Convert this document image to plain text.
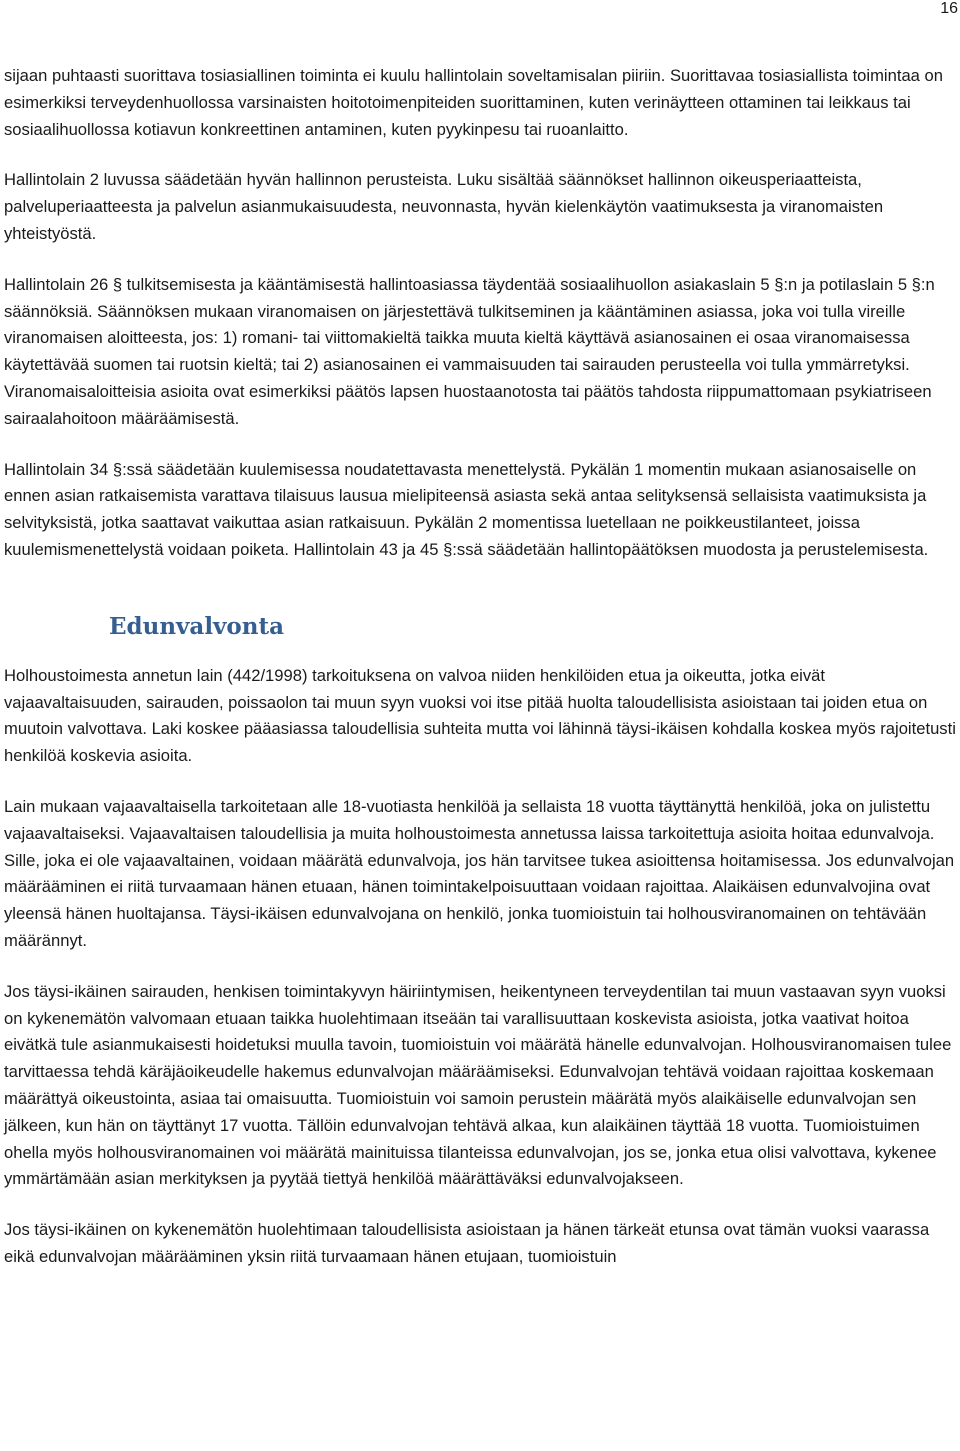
16

sijaan puhtaasti suorittava tosiasiallinen toiminta ei kuulu hallintolain soveltamisalan piiriin. Suorittavaa tosiasiallista toimintaa on esimerkiksi terveydenhuollossa varsinaisten hoitotoimenpiteiden suorittaminen, kuten verinäytteen ottaminen tai leikkaus tai sosiaalihuollossa kotiavun konkreettinen antaminen, kuten pyykinpesu tai ruoanlaitto.

Hallintolain 2 luvussa säädetään hyvän hallinnon perusteista. Luku sisältää säännökset hallinnon oikeusperiaatteista, palveluperiaatteesta ja palvelun asianmukaisuudesta, neuvonnasta, hyvän kielenkäytön vaatimuksesta ja viranomaisten yhteistyöstä.

Hallintolain 26 § tulkitsemisesta ja kääntämisestä hallintoasiassa täydentää sosiaalihuollon asiakaslain 5 §:n ja potilaslain 5 §:n säännöksiä. Säännöksen mukaan viranomaisen on järjestettävä tulkitseminen ja kääntäminen asiassa, joka voi tulla vireille viranomaisen aloitteesta, jos: 1) romani- tai viittomakieltä taikka muuta kieltä käyttävä asianosainen ei osaa viranomaisessa käytettävää suomen tai ruotsin kieltä; tai 2) asianosainen ei vammaisuuden tai sairauden perusteella voi tulla ymmärretyksi. Viranomaisaloitteisia asioita ovat esimerkiksi päätös lapsen huostaanotosta tai päätös tahdosta riippumattomaan psykiatriseen sairaalahoitoon määräämisestä.

Hallintolain 34 §:ssä säädetään kuulemisessa noudatettavasta menettelystä. Pykälän 1 momentin mukaan asianosaiselle on ennen asian ratkaisemista varattava tilaisuus lausua mielipiteensä asiasta sekä antaa selityksensä sellaisista vaatimuksista ja selvityksistä, jotka saattavat vaikuttaa asian ratkaisuun. Pykälän 2 momentissa luetellaan ne poikkeustilanteet, joissa kuulemismenettelystä voidaan poiketa. Hallintolain 43 ja 45 §:ssä säädetään hallintopäätöksen muodosta ja perustelemisesta.

Edunvalvonta

Holhoustoimesta annetun lain (442/1998) tarkoituksena on valvoa niiden henkilöiden etua ja oikeutta, jotka eivät vajaavaltaisuuden, sairauden, poissaolon tai muun syyn vuoksi voi itse pitää huolta taloudellisista asioistaan tai joiden etua on muutoin valvottava. Laki koskee pääasiassa taloudellisia suhteita mutta voi lähinnä täysi-ikäisen kohdalla koskea myös rajoitetusti henkilöä koskevia asioita.

Lain mukaan vajaavaltaisella tarkoitetaan alle 18-vuotiasta henkilöä ja sellaista 18 vuotta täyttänyttä henkilöä, joka on julistettu vajaavaltaiseksi. Vajaavaltaisen taloudellisia ja muita holhoustoimesta annetussa laissa tarkoitettuja asioita hoitaa edunvalvoja. Sille, joka ei ole vajaavaltainen, voidaan määrätä edunvalvoja, jos hän tarvitsee tukea asioittensa hoitamisessa. Jos edunvalvojan määrääminen ei riitä turvaamaan hänen etuaan, hänen toimintakelpoisuuttaan voidaan rajoittaa. Alaikäisen edunvalvojina ovat yleensä hänen huoltajansa. Täysi-ikäisen edunvalvojana on henkilö, jonka tuomioistuin tai holhousviranomainen on tehtävään määrännyt.

Jos täysi-ikäinen sairauden, henkisen toimintakyvyn häiriintymisen, heikentyneen terveydentilan tai muun vastaavan syyn vuoksi on kykenemätön valvomaan etuaan taikka huolehtimaan itseään tai varallisuuttaan koskevista asioista, jotka vaativat hoitoa eivätkä tule asianmukaisesti hoidetuksi muulla tavoin, tuomioistuin voi määrätä hänelle edunvalvojan. Holhousviranomaisen tulee tarvittaessa tehdä käräjäoikeudelle hakemus edunvalvojan määräämiseksi. Edunvalvojan tehtävä voidaan rajoittaa koskemaan määrättyä oikeustointa, asiaa tai omaisuutta. Tuomioistuin voi samoin perustein määrätä myös alaikäiselle edunvalvojan sen jälkeen, kun hän on täyttänyt 17 vuotta. Tällöin edunvalvojan tehtävä alkaa, kun alaikäinen täyttää 18 vuotta. Tuomioistuimen ohella myös holhousviranomainen voi määrätä mainituissa tilanteissa edunvalvojan, jos se, jonka etua olisi valvottava, kykenee ymmärtämään asian merkityksen ja pyytää tiettyä henkilöä määrättäväksi edunvalvojakseen.

Jos täysi-ikäinen on kykenemätön huolehtimaan taloudellisista asioistaan ja hänen tärkeät etunsa ovat tämän vuoksi vaarassa eikä edunvalvojan määrääminen yksin riitä turvaamaan hänen etujaan, tuomioistuin
